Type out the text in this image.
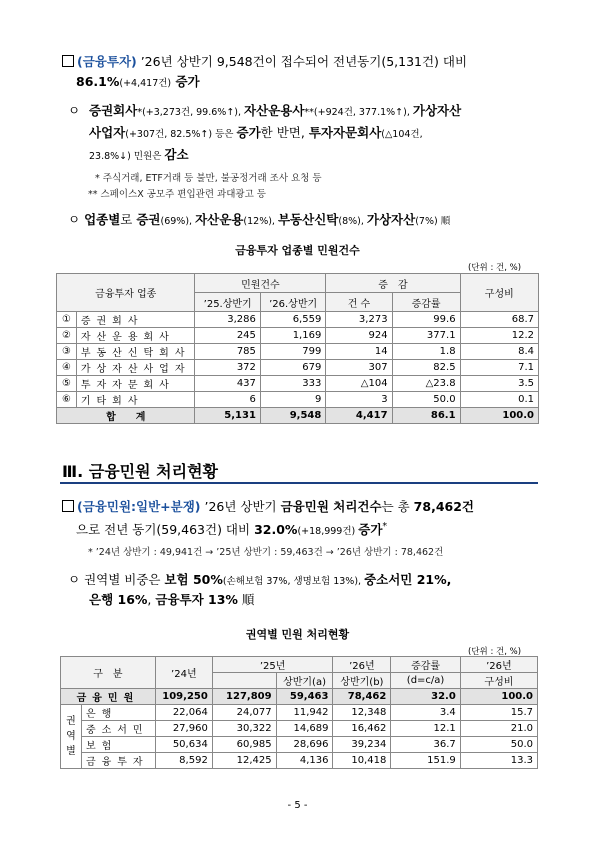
(금융투자) ’26년 상반기 9,548건이 접수되어 전년동기(5,131건) 대비
86.1%(+4,417건) 증가
ㅇ 증권회사*(+3,273건, 99.6%↑), 자산운용사**(+924건, 377.1%↑), 가상자산
사업자(+307건, 82.5%↑) 등은 증가한 반면, 투자자문회사(△104건,
23.8%↓) 민원은 감소
* 주식거래, ETF거래 등 불만, 불공정거래 조사 요청 등
** 스페이스X 공모주 편입관련 과대광고 등
ㅇ 업종별로 증권(69%), 자산운용(12%), 부동산신탁(8%), 가상자산(7%) 順
금융투자 업종별 민원건수
(단위 : 건, %)
금융투자 업종		민원건수		증　감		구성비
		’25.상반기	’26.상반기	건 수	증감률	
①	증권회사	3,286	6,559	3,273	99.6	68.7
②	자산운용회사	245	1,169	924	377.1	12.2
③	부동산신탁회사	785	799	14	1.8	8.4
④	가상자산사업자	372	679	307	82.5	7.1
⑤	투자자문회사	437	333	△104	△23.8	3.5
⑥	기타회사	6	9	3	50.0	0.1
합　　계		5,131	9,548	4,417	86.1	100.0
Ⅲ. 금융민원 처리현황
(금융민원:일반+분쟁) ’26년 상반기 금융민원 처리건수는 총 78,462건
으로 전년 동기(59,463건) 대비 32.0%(+18,999건) 증가*
* ’24년 상반기 : 49,941건 → ’25년 상반기 : 59,463건 → ’26년 상반기 : 78,462건
ㅇ 권역별 비중은 보험 50%(손해보험 37%, 생명보험 13%), 중소서민 21%,
은행 16%, 금융투자 13% 順
권역별 민원 처리현황
(단위 : 건, %)
구　분		’24년	’25년		’26년	증감률	’26년
				상반기(a)	상반기(b)	(d=c/a)	구성비
금융민원		109,250	127,809	59,463	78,462	32.0	100.0
권
역
별	은행	22,064	24,077	11,942	12,348	3.4	15.7
	중소서민	27,960	30,322	14,689	16,462	12.1	21.0
	보험	50,634	60,985	28,696	39,234	36.7	50.0
	금융투자	8,592	12,425	4,136	10,418	151.9	13.3
- 5 -
